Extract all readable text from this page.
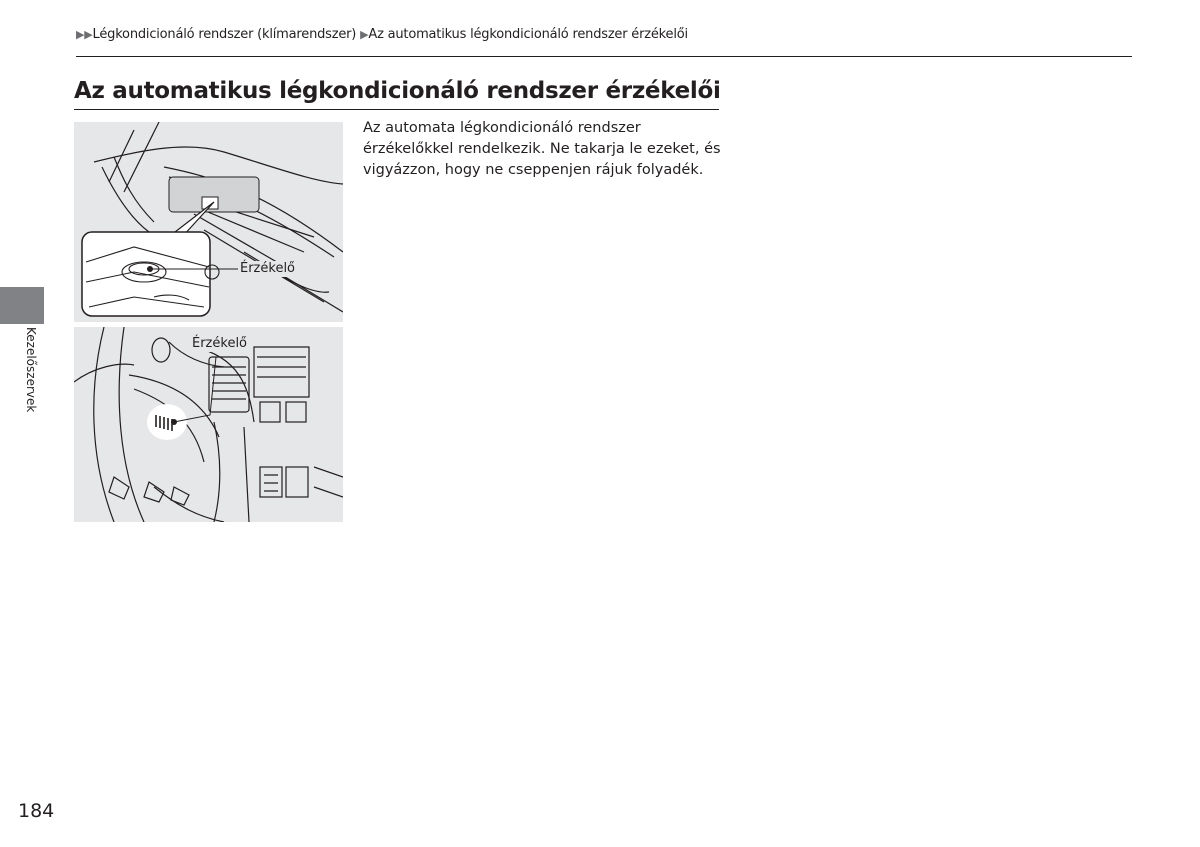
▶▶Légkondicionáló rendszer (klímarendszer) ▶Az automatikus légkondicionáló rendszer érzékelői
Az automatikus légkondicionáló rendszer érzékelői
Érzékelő
Érzékelő

Az automata légkondicionáló rendszer érzékelőkkel rendelkezik. Ne takarja le ezeket, és vigyázzon, hogy ne cseppenjen rájuk folyadék.

Kezelőszervek
184
